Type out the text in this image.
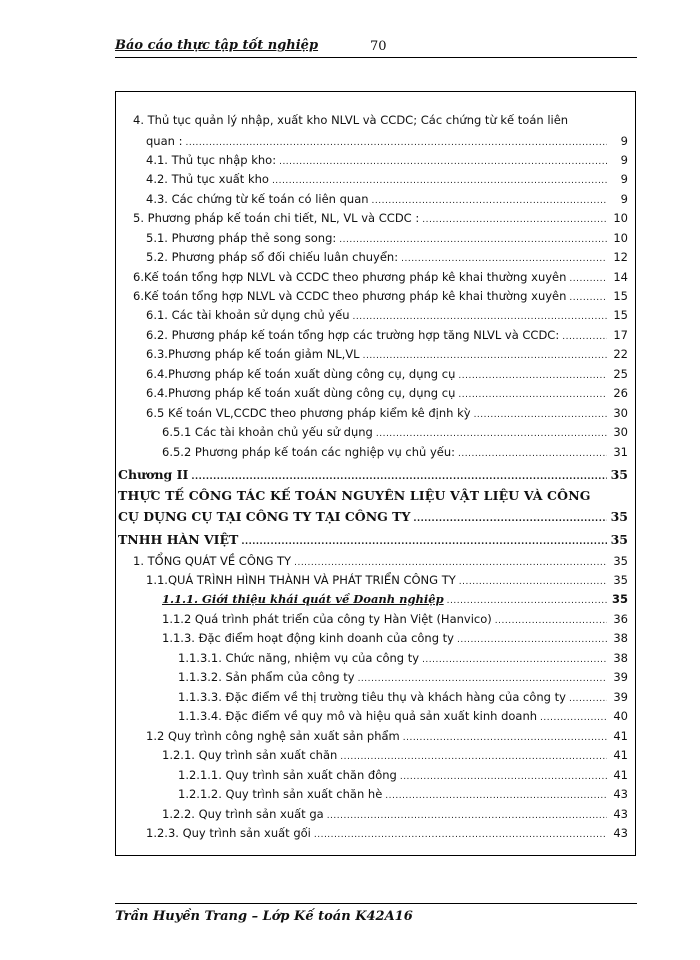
Báo cáo thực tập tốt nghiệp	70
4. Thủ tục quản lý nhập, xuất kho NLVL và CCDC; Các chứng từ kế toán liên
quan : .....	9
4.1. Thủ tục nhập kho: .....	9
4.2. Thủ tục xuất kho .....	9
4.3. Các chứng từ kế toán có liên quan .....	9
5. Phương pháp kế toán chi tiết, NL, VL và CCDC : .....	10
5.1. Phương pháp thẻ song song: .....	10
5.2. Phương pháp sổ đối chiếu luân chuyển: .....	12
6.Kế toán tổng hợp NLVL và CCDC theo phương pháp kê khai thường xuyên .....	14
6.Kế toán tổng hợp NLVL và CCDC theo phương pháp kê khai thường xuyên .....	15
6.1. Các tài khoản sử dụng chủ yếu .....	15
6.2. Phương pháp kế toán tổng hợp các trường hợp tăng NLVL và CCDC: .....	17
6.3.Phương pháp kế toán giảm NL,VL .....	22
6.4.Phương pháp kế toán xuất dùng công cụ, dụng cụ .....	25
6.4.Phương pháp kế toán xuất dùng công cụ, dụng cụ .....	26
6.5 Kế toán VL,CCDC theo phương pháp kiểm kê định kỳ .....	30
6.5.1 Các tài khoản chủ yếu sử dụng .....	30
6.5.2 Phương pháp kế toán các nghiệp vụ chủ yếu: .....	31
Chương II .....	35
THỰC TẾ CÔNG TÁC KẾ TOÁN NGUYÊN LIỆU VẬT LIỆU VÀ CÔNG
CỤ DỤNG CỤ TẠI CÔNG TY TẠI CÔNG TY .....	35
TNHH HÀN VIỆT .....	35
1. TỔNG QUÁT VỀ CÔNG TY .....	35
1.1.QUÁ TRÌNH HÌNH THÀNH VÀ PHÁT TRIỂN CÔNG TY .....	35
1.1.1. Giới thiệu khái quát về Doanh nghiệp .....	35
1.1.2 Quá trình phát triển của công ty Hàn Việt (Hanvico) .....	36
1.1.3. Đặc điểm hoạt động kinh doanh của công ty .....	38
1.1.3.1. Chức năng, nhiệm vụ của công ty .....	38
1.1.3.2. Sản phẩm của công ty .....	39
1.1.3.3. Đặc điểm về thị trường tiêu thụ và khách hàng của công ty .....	39
1.1.3.4. Đặc điểm về quy mô và hiệu quả sản xuất kinh doanh .....	40
1.2 Quy trình công nghệ sản xuất sản phẩm .....	41
1.2.1. Quy trình sản xuất chăn .....	41
1.2.1.1. Quy trình sản xuất chăn đông .....	41
1.2.1.2. Quy trình sản xuất chăn hè .....	43
1.2.2. Quy trình sản xuất ga .....	43
1.2.3. Quy trình sản xuất gối .....	43
Trần Huyền Trang – Lớp Kế toán K42A16
